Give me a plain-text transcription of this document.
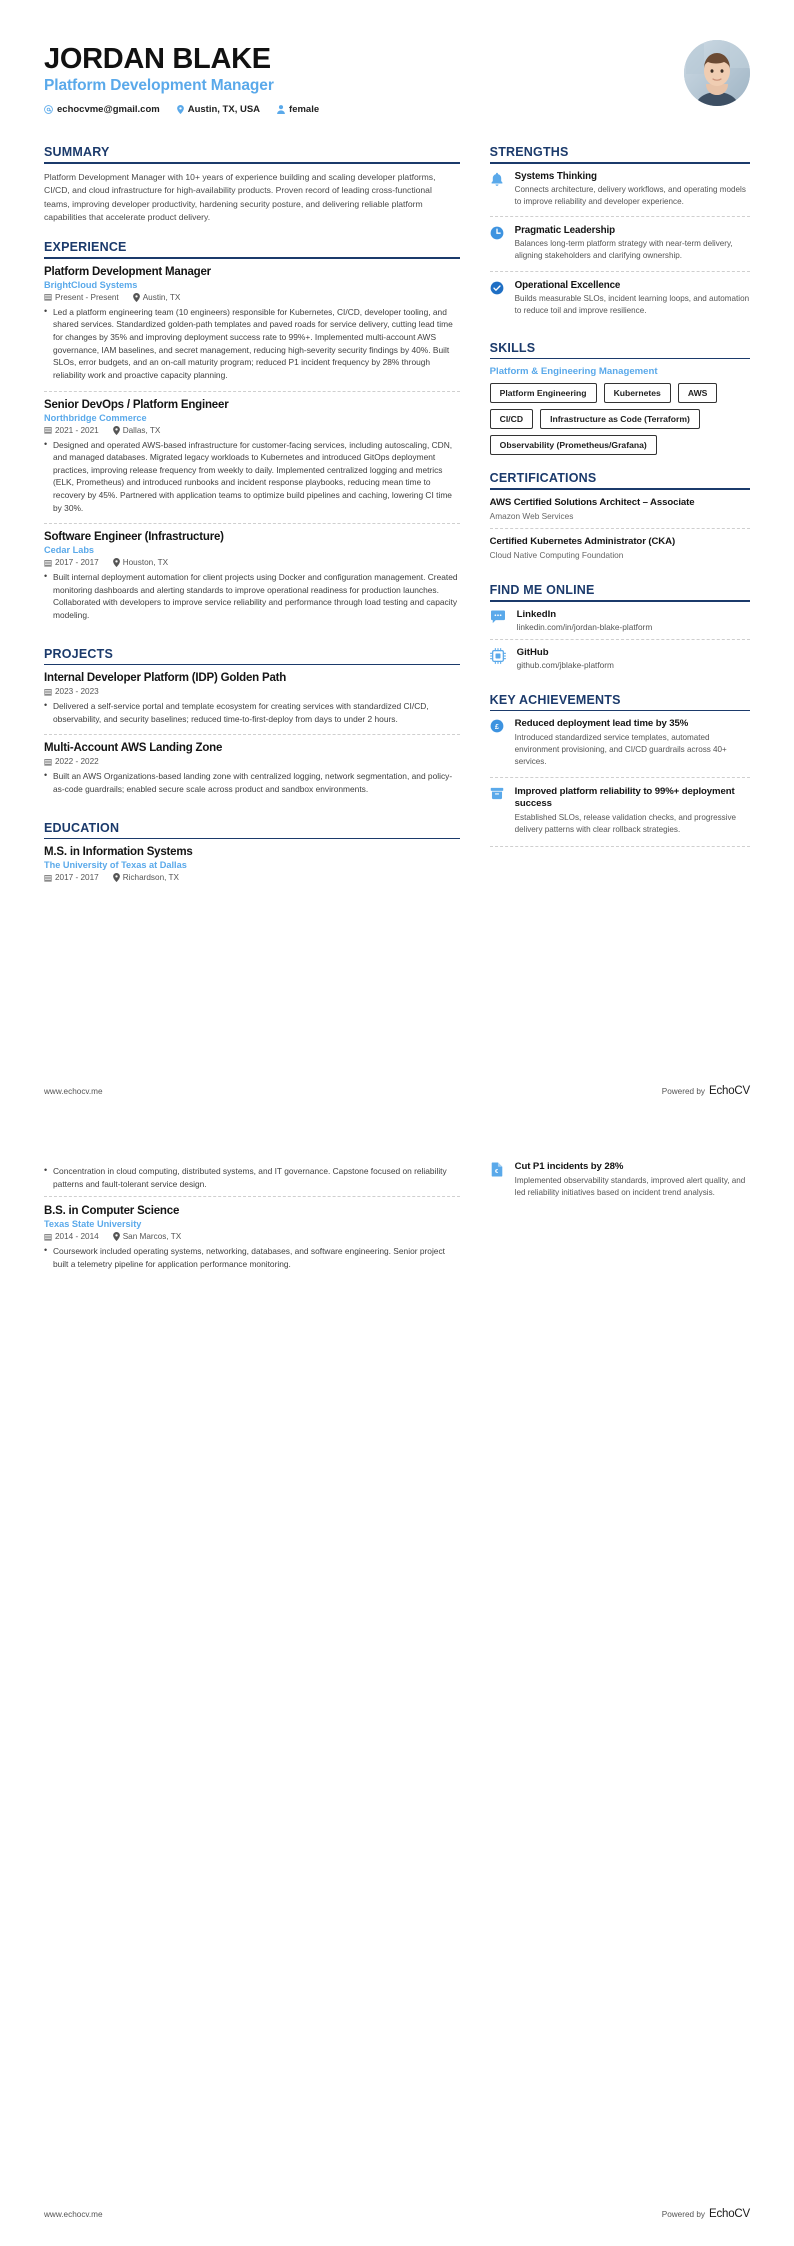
JORDAN BLAKE
Platform Development Manager
echocvme@gmail.com	Austin, TX, USA	female
SUMMARY
Platform Development Manager with 10+ years of experience building and scaling developer platforms, CI/CD, and cloud infrastructure for high-availability products. Proven record of leading cross-functional teams, improving developer productivity, hardening security posture, and delivering reliable platform capabilities that accelerate product delivery.
EXPERIENCE
Platform Development Manager
BrightCloud Systems
Present - Present	Austin, TX
• Led a platform engineering team (10 engineers) responsible for Kubernetes, CI/CD, developer tooling, and shared services. Standardized golden-path templates and paved roads for service delivery, cutting lead time for changes by 35% and improving deployment success rate to 99%+. Implemented multi-account AWS governance, IAM baselines, and secret management, reducing high-severity security findings by 40%. Built SLOs, error budgets, and an on-call maturity program; reduced P1 incident frequency by 28% through reliability work and proactive capacity planning.
Senior DevOps / Platform Engineer
Northbridge Commerce
2021 - 2021	Dallas, TX
• Designed and operated AWS-based infrastructure for customer-facing services, including autoscaling, CDN, and managed databases. Migrated legacy workloads to Kubernetes and introduced GitOps deployment practices, improving release frequency from weekly to daily. Implemented centralized logging and metrics (ELK, Prometheus) and introduced runbooks and incident response playbooks, reducing mean time to recovery by 45%. Partnered with application teams to optimize build pipelines and caching, lowering CI time by 30%.
Software Engineer (Infrastructure)
Cedar Labs
2017 - 2017	Houston, TX
• Built internal deployment automation for client projects using Docker and configuration management. Created monitoring dashboards and alerting standards to improve operational readiness for production launches. Collaborated with developers to improve service reliability and performance through load testing and capacity modeling.
PROJECTS
Internal Developer Platform (IDP) Golden Path
2023 - 2023
• Delivered a self-service portal and template ecosystem for creating services with standardized CI/CD, observability, and security baselines; reduced time-to-first-deploy from days to under 2 hours.
Multi-Account AWS Landing Zone
2022 - 2022
• Built an AWS Organizations-based landing zone with centralized logging, network segmentation, and policy-as-code guardrails; enabled secure scale across product and sandbox environments.
EDUCATION
M.S. in Information Systems
The University of Texas at Dallas
2017 - 2017	Richardson, TX
STRENGTHS
Systems Thinking
Connects architecture, delivery workflows, and operating models to improve reliability and developer experience.
Pragmatic Leadership
Balances long-term platform strategy with near-term delivery, aligning stakeholders and clarifying ownership.
Operational Excellence
Builds measurable SLOs, incident learning loops, and automation to reduce toil and improve resilience.
SKILLS
Platform & Engineering Management
Platform Engineering	Kubernetes	AWS
CI/CD	Infrastructure as Code (Terraform)
Observability (Prometheus/Grafana)
CERTIFICATIONS
AWS Certified Solutions Architect – Associate
Amazon Web Services
Certified Kubernetes Administrator (CKA)
Cloud Native Computing Foundation
FIND ME ONLINE
LinkedIn
linkedin.com/in/jordan-blake-platform
GitHub
github.com/jblake-platform
KEY ACHIEVEMENTS
£ Reduced deployment lead time by 35%
Introduced standardized service templates, automated environment provisioning, and CI/CD guardrails across 40+ services.
Improved platform reliability to 99%+ deployment success
Established SLOs, release validation checks, and progressive delivery patterns with clear rollback strategies.
www.echocv.me	Powered by EchoCV
• Concentration in cloud computing, distributed systems, and IT governance. Capstone focused on reliability patterns and fault-tolerant service design.
B.S. in Computer Science
Texas State University
2014 - 2014	San Marcos, TX
• Coursework included operating systems, networking, databases, and software engineering. Senior project built a telemetry pipeline for application performance monitoring.
€
Cut P1 incidents by 28%
Implemented observability standards, improved alert quality, and led reliability initiatives based on incident trend analysis.
www.echocv.me	Powered by EchoCV
